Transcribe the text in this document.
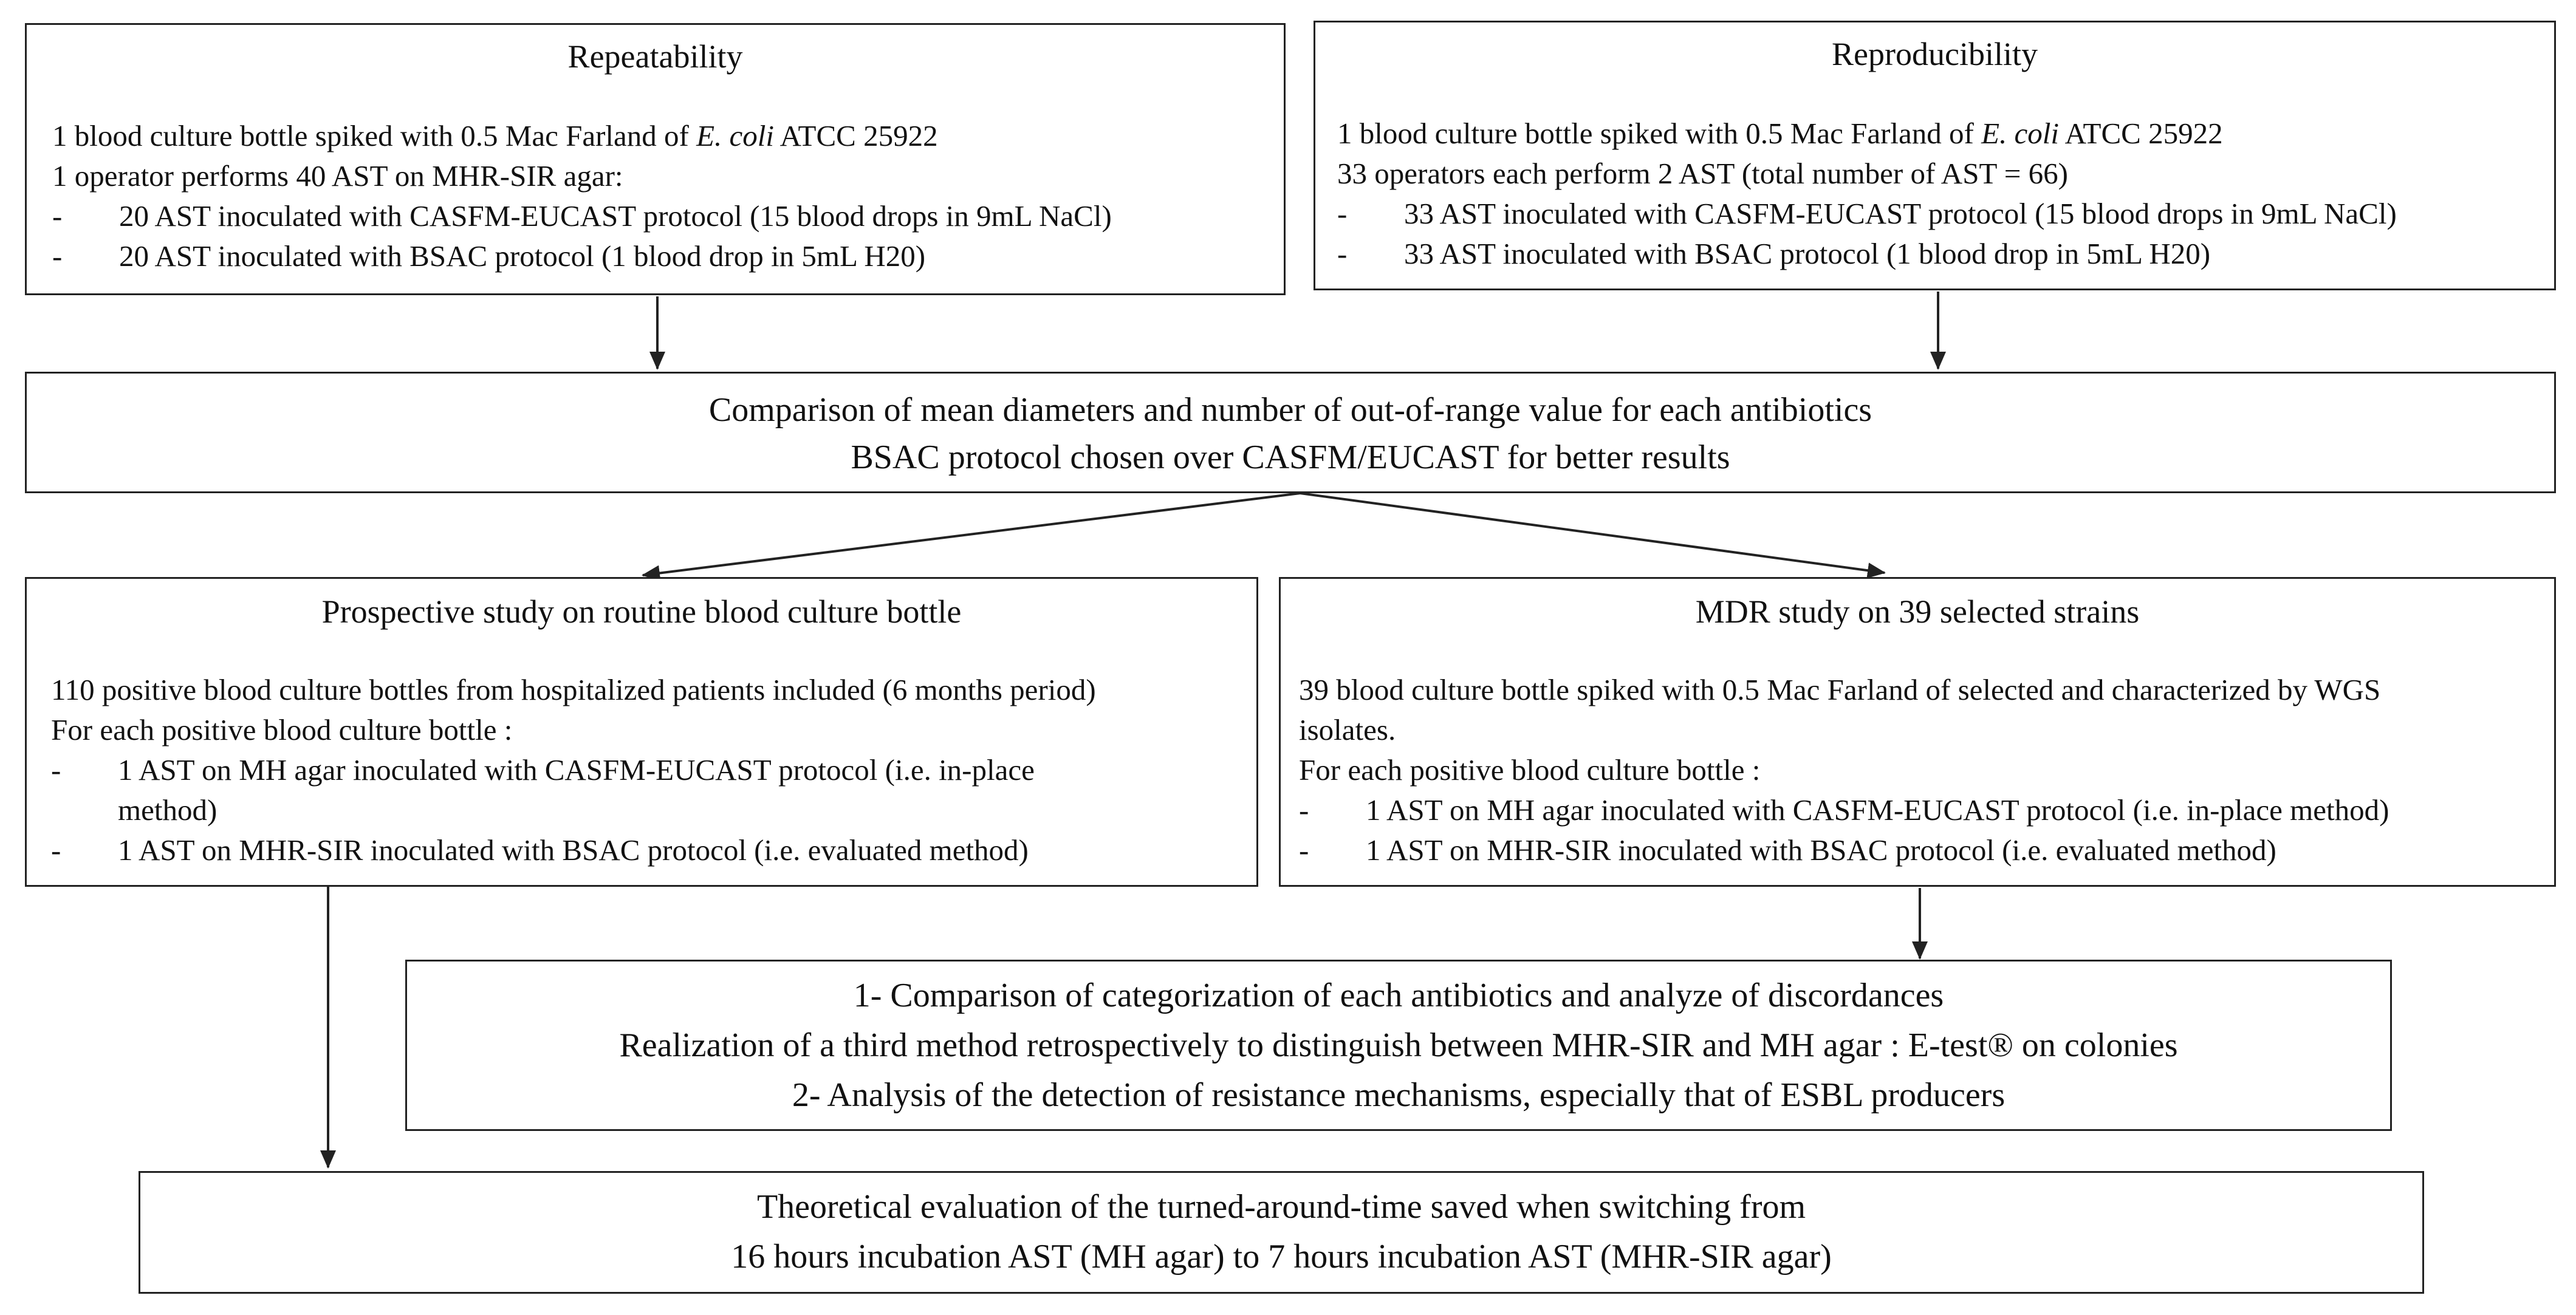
Repeatability
1 blood culture bottle spiked with 0.5 Mac Farland of E. coli ATCC 25922
1 operator performs 40 AST on MHR-SIR agar:
- 20 AST inoculated with CASFM-EUCAST protocol (15 blood drops in 9mL NaCl)
- 20 AST inoculated with BSAC protocol (1 blood drop in 5mL H20)
Reproducibility
1 blood culture bottle spiked with 0.5 Mac Farland of E. coli ATCC 25922
33 operators each perform 2 AST (total number of AST = 66)
- 33 AST inoculated with CASFM-EUCAST protocol (15 blood drops in 9mL NaCl)
- 33 AST inoculated with BSAC protocol (1 blood drop in 5mL H20)
Comparison of mean diameters and number of out-of-range value for each antibiotics
BSAC protocol chosen over CASFM/EUCAST for better results
Prospective study on routine blood culture bottle
110 positive blood culture bottles from hospitalized patients included (6 months period)
For each positive blood culture bottle :
- 1 AST on MH agar inoculated with CASFM-EUCAST protocol (i.e. in-place
method)
- 1 AST on MHR-SIR inoculated with BSAC protocol (i.e. evaluated method)
MDR study on 39 selected strains
39 blood culture bottle spiked with 0.5 Mac Farland of selected and characterized by WGS
isolates.
For each positive blood culture bottle :
- 1 AST on MH agar inoculated with CASFM-EUCAST protocol (i.e. in-place method)
- 1 AST on MHR-SIR inoculated with BSAC protocol (i.e. evaluated method)
1- Comparison of categorization of each antibiotics and analyze of discordances
Realization of a third method retrospectively to distinguish between MHR-SIR and MH agar : E-test® on colonies
2- Analysis of the detection of resistance mechanisms, especially that of ESBL producers
Theoretical evaluation of the turned-around-time saved when switching from
16 hours incubation AST (MH agar) to 7 hours incubation AST (MHR-SIR agar)
